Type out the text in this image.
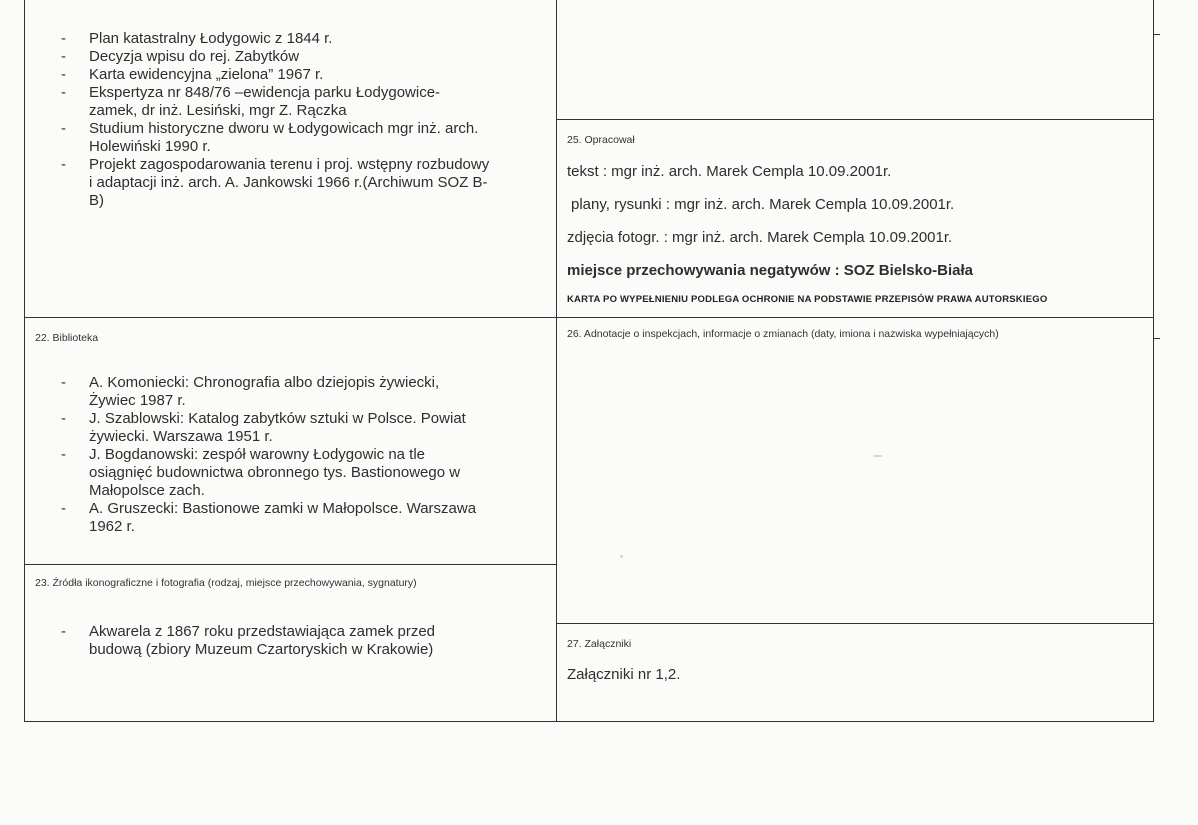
-	Plan katastralny Łodygowic z 1844 r.
-	Decyzja wpisu do rej. Zabytków
-	Karta ewidencyjna „zielona” 1967 r.
-	Ekspertyza nr 848/76 –ewidencja parku Łodygowice-
zamek, dr inż. Lesiński, mgr Z. Rączka
-	Studium historyczne dworu w Łodygowicach mgr inż. arch.
Holewiński 1990 r.
-	Projekt zagospodarowania terenu i proj. wstępny rozbudowy
i adaptacji inż. arch. A. Jankowski 1966 r.(Archiwum SOZ B-
B)
22. Biblioteka
-	A. Komoniecki: Chronografia albo dziejopis żywiecki,
Żywiec 1987 r.
-	J. Szablowski: Katalog zabytków sztuki w Polsce. Powiat
żywiecki. Warszawa 1951 r.
-	J. Bogdanowski: zespół warowny Łodygowic na tle
osiągnięć budownictwa obronnego tys. Bastionowego w
Małopolsce zach.
-	A. Gruszecki: Bastionowe zamki w Małopolsce. Warszawa
1962 r.
23. Źródła ikonograficzne i fotografia (rodzaj, miejsce przechowywania, sygnatury)
-	Akwarela z 1867 roku przedstawiająca zamek przed
budową (zbiory Muzeum Czartoryskich w Krakowie)
25. Opracował
tekst : mgr inż. arch. Marek Cempla 10.09.2001r.
plany, rysunki : mgr inż. arch. Marek Cempla 10.09.2001r.
zdjęcia fotogr. : mgr inż. arch. Marek Cempla 10.09.2001r.
miejsce przechowywania negatywów : SOZ Bielsko-Biała
KARTA PO WYPEŁNIENIU PODLEGA OCHRONIE NA PODSTAWIE PRZEPISÓW PRAWA AUTORSKIEGO
26. Adnotacje o inspekcjach, informacje o zmianach (daty, imiona i nazwiska wypełniających)
27. Załączniki
Załączniki nr 1,2.
